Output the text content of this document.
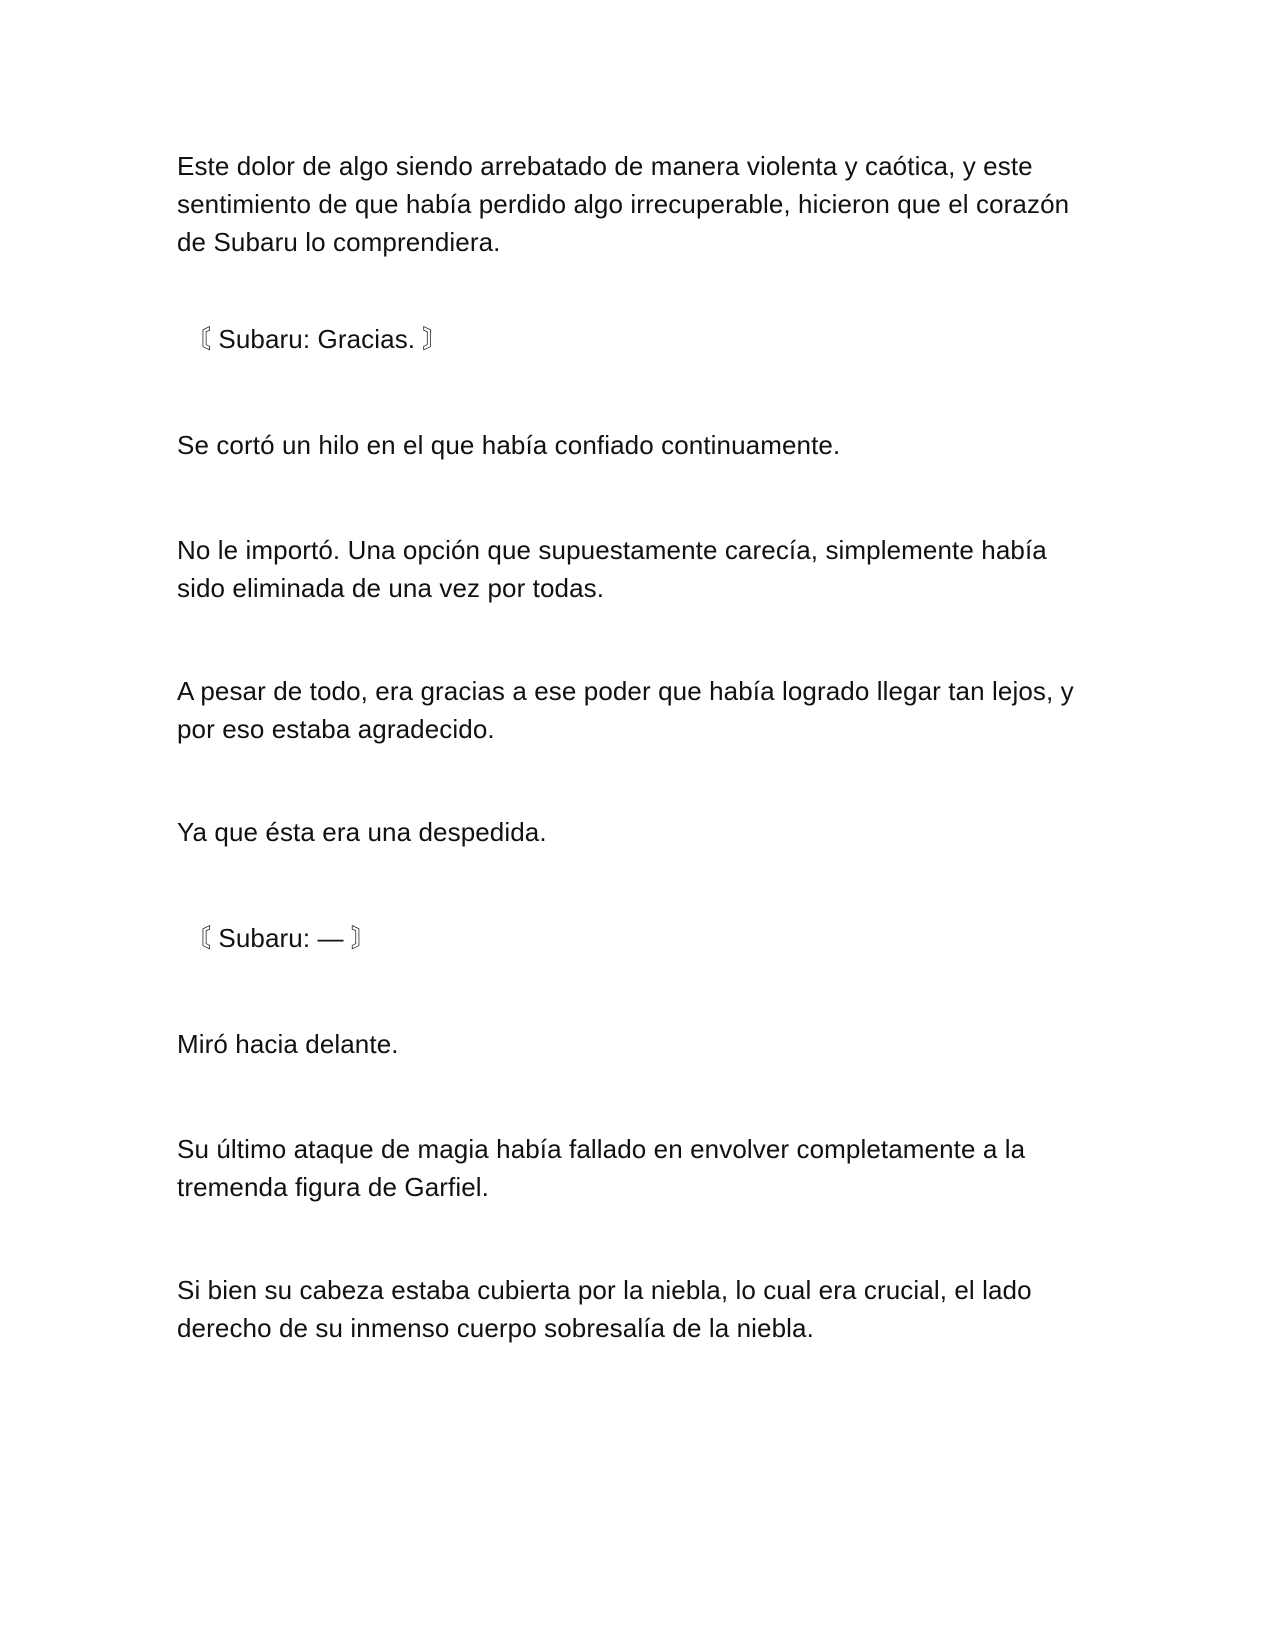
Este dolor de algo siendo arrebatado de manera violenta y caótica, y este
sentimiento de que había perdido algo irrecuperable, hicieron que el corazón
de Subaru lo comprendiera.

〘 Subaru: Gracias. 〙

Se cortó un hilo en el que había confiado continuamente.

No le importó. Una opción que supuestamente carecía, simplemente había
sido eliminada de una vez por todas.

A pesar de todo, era gracias a ese poder que había logrado llegar tan lejos, y
por eso estaba agradecido.

Ya que ésta era una despedida.

〘 Subaru: — 〙

Miró hacia delante.

Su último ataque de magia había fallado en envolver completamente a la
tremenda figura de Garfiel.

Si bien su cabeza estaba cubierta por la niebla, lo cual era crucial, el lado
derecho de su inmenso cuerpo sobresalía de la niebla.
